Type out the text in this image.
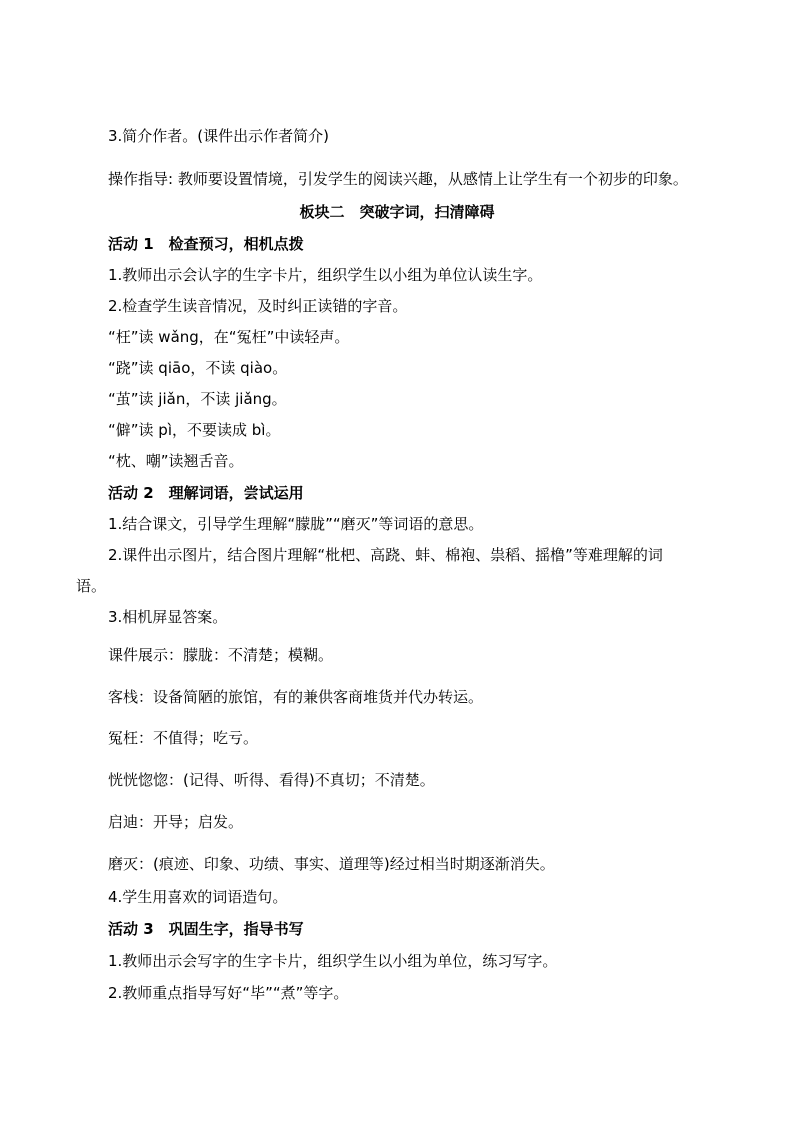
3.简介作者。(课件出示作者简介)
操作指导: 教师要设置情境，引发学生的阅读兴趣，从感情上让学生有一个初步的印象。
板块二　突破字词，扫清障碍
活动 1　检查预习，相机点拨
1.教师出示会认字的生字卡片，组织学生以小组为单位认读生字。
2.检查学生读音情况，及时纠正读错的字音。
“枉”读 wǎng，在“冤枉”中读轻声。
“跷”读 qiāo，不读 qiào。
“茧”读 jiǎn，不读 jiǎng。
“僻”读 pì，不要读成 bì。
“枕、嘲”读翘舌音。
活动 2　理解词语，尝试运用
1.结合课文，引导学生理解“朦胧”“磨灭”等词语的意思。
2.课件出示图片，结合图片理解“枇杷、高跷、蚌、棉袍、祟稻、摇橹”等难理解的词
语。
3.相机屏显答案。
课件展示：朦胧：不清楚；模糊。
客栈：设备简陋的旅馆，有的兼供客商堆货并代办转运。
冤枉：不值得；吃亏。
恍恍惚惚：(记得、听得、看得)不真切；不清楚。
启迪：开导；启发。
磨灭：(痕迹、印象、功绩、事实、道理等)经过相当时期逐渐消失。
4.学生用喜欢的词语造句。
活动 3　巩固生字，指导书写
1.教师出示会写字的生字卡片，组织学生以小组为单位，练习写字。
2.教师重点指导写好“毕”“煮”等字。
